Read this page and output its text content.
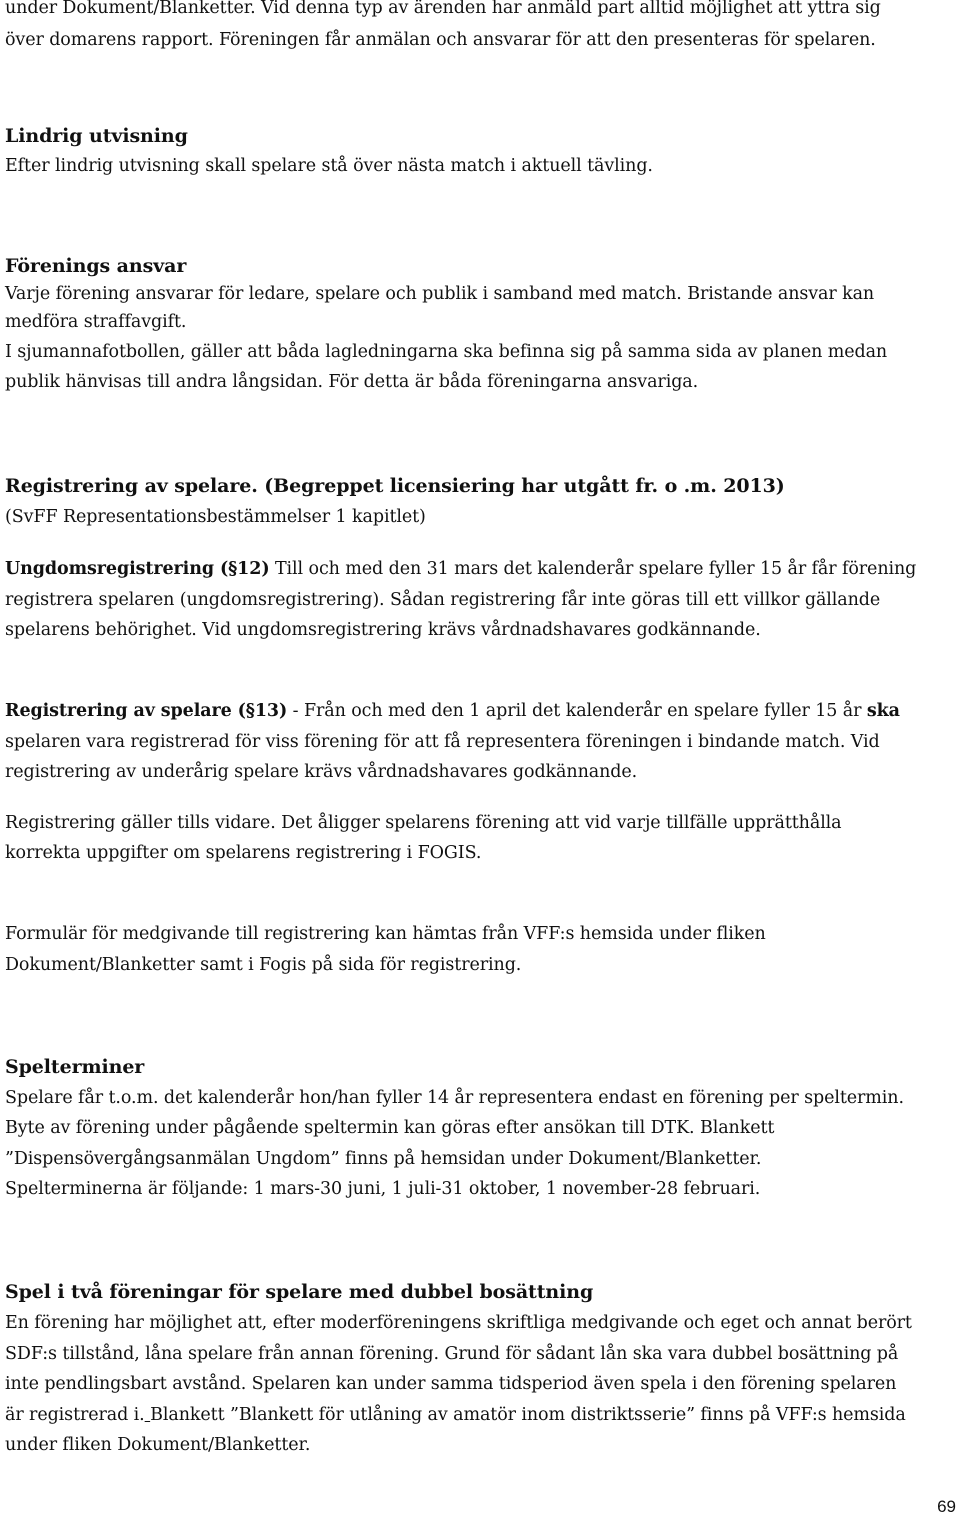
under Dokument/Blanketter. Vid denna typ av ärenden har anmäld part alltid möjlighet att yttra sig
över domarens rapport. Föreningen får anmälan och ansvarar för att den presenteras för spelaren.
Lindrig utvisning
Efter lindrig utvisning skall spelare stå över nästa match i aktuell tävling.
Förenings ansvar
Varje förening ansvarar för ledare, spelare och publik i samband med match. Bristande ansvar kan
medföra straffavgift.
I sjumannafotbollen, gäller att båda lagledningarna ska befinna sig på samma sida av planen medan
publik hänvisas till andra långsidan. För detta är båda föreningarna ansvariga.
Registrering av spelare. (Begreppet licensiering har utgått fr. o .m. 2013)
(SvFF Representationsbestämmelser 1 kapitlet)
Ungdomsregistrering (§12) Till och med den 31 mars det kalenderår spelare fyller 15 år får förening
registrera spelaren (ungdomsregistrering). Sådan registrering får inte göras till ett villkor gällande
spelarens behörighet. Vid ungdomsregistrering krävs vårdnadshavares godkännande.
Registrering av spelare (§13) - Från och med den 1 april det kalenderår en spelare fyller 15 år ska
spelaren vara registrerad för viss förening för att få representera föreningen i bindande match. Vid
registrering av underårig spelare krävs vårdnadshavares godkännande.
Registrering gäller tills vidare. Det åligger spelarens förening att vid varje tillfälle upprätthålla
korrekta uppgifter om spelarens registrering i FOGIS.
Formulär för medgivande till registrering kan hämtas från VFF:s hemsida under fliken
Dokument/Blanketter samt i Fogis på sida för registrering.
Spelterminer
Spelare får t.o.m. det kalenderår hon/han fyller 14 år representera endast en förening per speltermin.
Byte av förening under pågående speltermin kan göras efter ansökan till DTK. Blankett
”Dispensövergångsanmälan Ungdom” finns på hemsidan under Dokument/Blanketter.
Spelterminerna är följande: 1 mars-30 juni, 1 juli-31 oktober, 1 november-28 februari.
Spel i två föreningar för spelare med dubbel bosättning
En förening har möjlighet att, efter moderföreningens skriftliga medgivande och eget och annat berört
SDF:s tillstånd, låna spelare från annan förening. Grund för sådant lån ska vara dubbel bosättning på
inte pendlingsbart avstånd. Spelaren kan under samma tidsperiod även spela i den förening spelaren
är registrerad i. Blankett ”Blankett för utlåning av amatör inom distriktsserie” finns på VFF:s hemsida
under fliken Dokument/Blanketter.
69
